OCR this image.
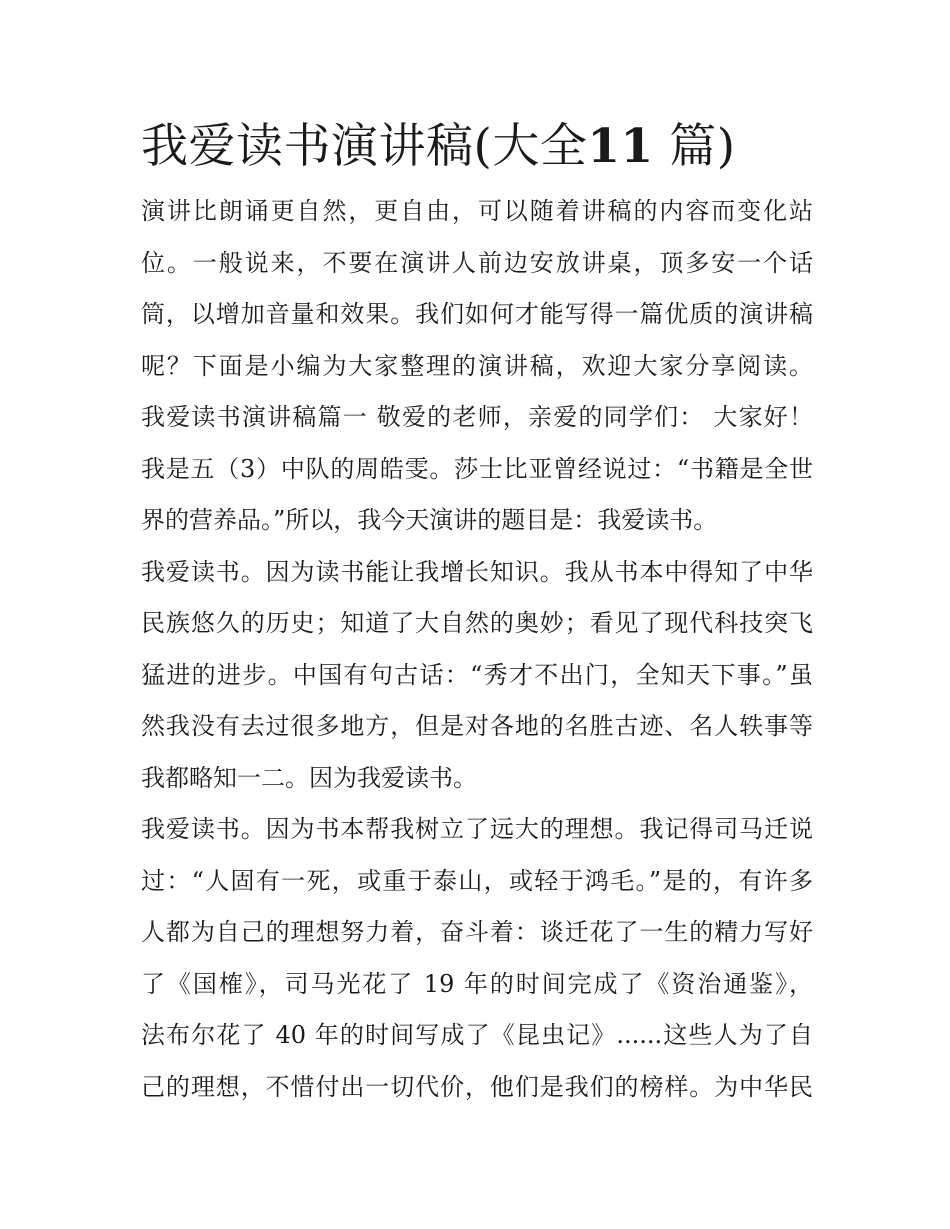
我爱读书演讲稿(大全11 篇)
演讲比朗诵更自然，更自由，可以随着讲稿的内容而变化站
位。一般说来，不要在演讲人前边安放讲桌，顶多安一个话
筒，以增加音量和效果。我们如何才能写得一篇优质的演讲稿
呢？下面是小编为大家整理的演讲稿，欢迎大家分享阅读。
我爱读书演讲稿篇一 敬爱的老师，亲爱的同学们： 大家好！
我是五（3）中队的周皓雯。莎士比亚曾经说过：“书籍是全世
界的营养品。”所以，我今天演讲的题目是：我爱读书。
我爱读书。因为读书能让我增长知识。我从书本中得知了中华
民族悠久的历史；知道了大自然的奥妙；看见了现代科技突飞
猛进的进步。中国有句古话：“秀才不出门，全知天下事。”虽
然我没有去过很多地方，但是对各地的名胜古迹、名人轶事等
我都略知一二。因为我爱读书。
我爱读书。因为书本帮我树立了远大的理想。我记得司马迁说
过：“人固有一死，或重于泰山，或轻于鸿毛。”是的，有许多
人都为自己的理想努力着，奋斗着：谈迁花了一生的精力写好
了《国榷》，司马光花了 19 年的时间完成了《资治通鉴》，
法布尔花了 40 年的时间写成了《昆虫记》......这些人为了自
己的理想，不惜付出一切代价，他们是我们的榜样。为中华民
